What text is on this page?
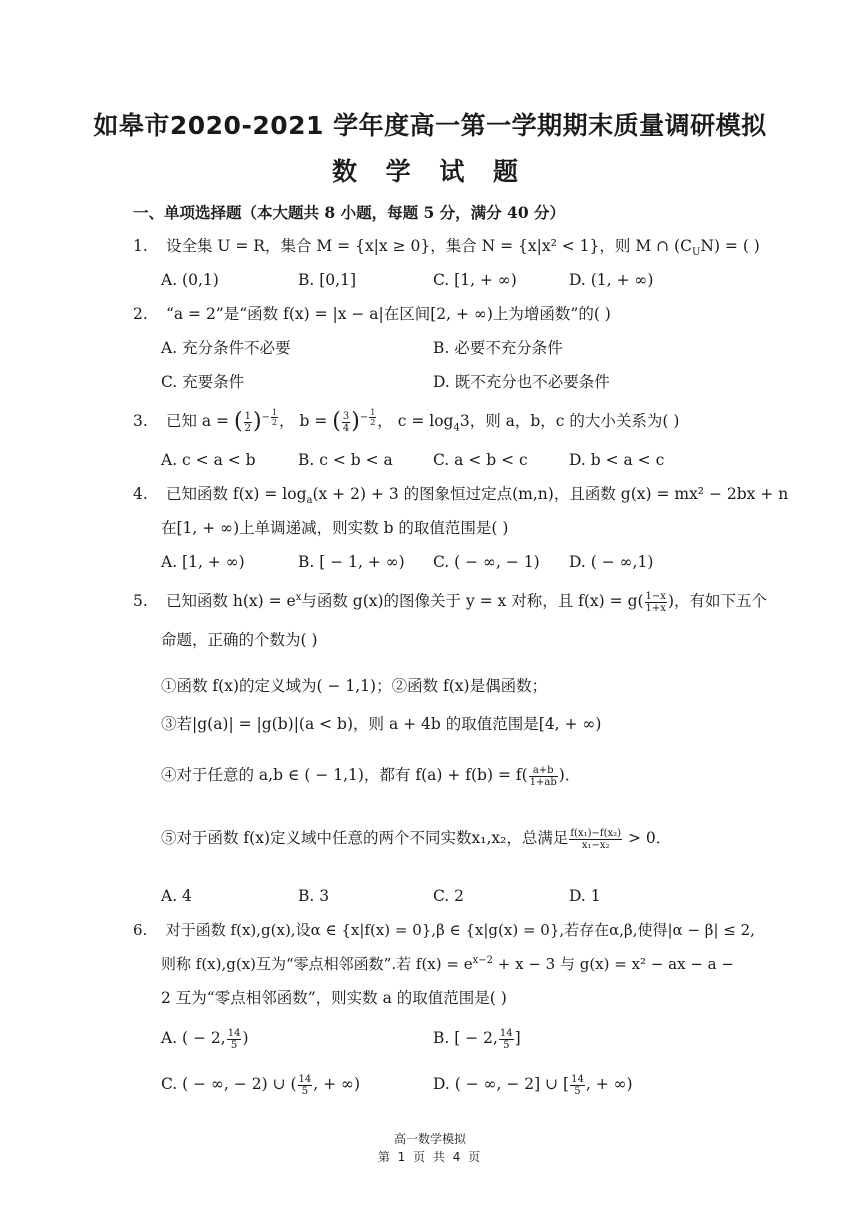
如皋市2020-2021 学年度高一第一学期期末质量调研模拟
数 学 试 题
一、单项选择题（本大题共 8 小题，每题 5 分，满分 40 分）
1. 设全集 U = R，集合 M = {x|x ≥ 0}，集合 N = {x|x² < 1}，则 M ∩ $(C_UN)$ = ( )
A. (0,1)	B. [0,1]	C. [1, + ∞)	D. (1, + ∞)
2. “a = 2”是“函数 f(x) = |x − a|在区间[2, + ∞)上为增函数”的( )
A. 充分条件不必要	B. 必要不充分条件
C. 充要条件	D. 既不充分也不必要条件
3. 已知 a = ( $\frac{1}{2} )^{- \frac{1}{2}}$ ， b = ( $\frac{3}{4} )^{- \frac{1}{2}}$ ， $c = \log_43$，则 a，b，c 的大小关系为( )
A. c < a < b	B. c < b < a	C. a < b < c	D. b < a < c
4. 已知函数 $f(x) = \log_a(x + 2) + 3$ 的图象恒过定点(m,n)，且函数 g(x) = mx² − 2bx + n
在[1, + ∞)上单调递减，则实数 b 的取值范围是( )
A. [1, + ∞)	B. [ − 1, + ∞) C. ( − ∞, − 1) D. ( − ∞,1)
5. 已知函数 $h(x) = e^x$与函数 g(x)的图像关于 y = x 对称，且 $f(x) = g( \frac{1-x}{1+x}$ )，有如下五个
命题，正确的个数为( )
①函数 f(x)的定义域为( − 1,1)；②函数 f(x)是偶函数；
③若|g(a)| = |g(b)|(a < b)，则 a + 4b 的取值范围是[4, + ∞)
④对于任意的 a,b ∈ ( − 1,1)，都有 $f(a) + f(b) = f( \frac{a+b}{1+ab}$ )．
⑤对于函数 f(x)定义域中任意的两个不同实数x₁,x₂，总满足 $\frac{\text{f(x₁)−f(x₂)}}{\text{x₁−x₂}} > 0$．
A. 4	B. 3	C. 2	D. 1
6. 对于函数 f(x),g(x),设α ∈ {x|f(x) = 0},β ∈ {x|g(x) = 0},若存在α,β,使得|α − β| ≤ 2,
则称 f(x),g(x)互为“零点相邻函数”.若 $f(x) = e^{x-2} + x - 3$ 与 g(x) = x² − ax − a −
2 互为“零点相邻函数”，则实数 a 的取值范围是( )
A. ( − 2, $\frac{14}{5}$ )	B. [ − 2, $\frac{14}{5}$ ]
C. ( − ∞, − 2) ∪ ( $\frac{14}{5}$ , + ∞)	D. ( − ∞, − 2] ∪ [ $\frac{14}{5}$ , + ∞)
高一数学模拟
第 1 页 共 4 页
